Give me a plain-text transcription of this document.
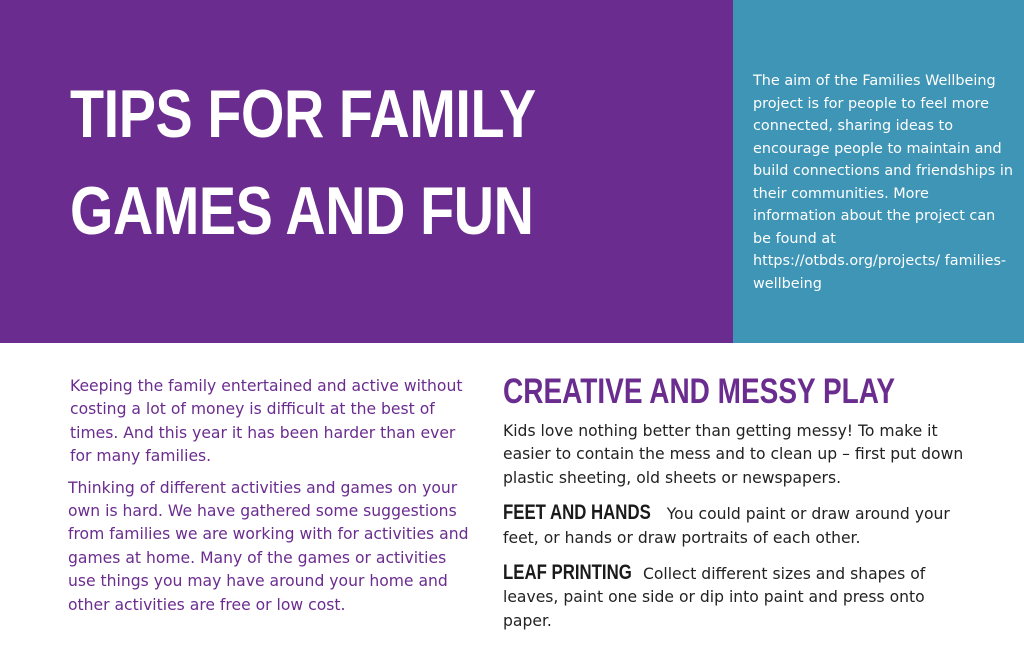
TIPS FOR FAMILY
GAMES AND FUN

The aim of the Families Wellbeing project is for people to feel more connected, sharing ideas to encourage people to maintain and build connections and friendships in their communities. More information about the project can be found at https://otbds.org/projects/ families-wellbeing

Keeping the family entertained and active without costing a lot of money is difficult at the best of times. And this year it has been harder than ever for many families.

Thinking of different activities and games on your own is hard. We have gathered some suggestions from families we are working with for activities and games at home. Many of the games or activities use things you may have around your home and other activities are free or low cost.

CREATIVE AND MESSY PLAY

Kids love nothing better than getting messy! To make it easier to contain the mess and to clean up – first put down plastic sheeting, old sheets or newspapers.

FEET AND HANDS You could paint or draw around your feet, or hands or draw portraits of each other.

LEAF PRINTING Collect different sizes and shapes of leaves, paint one side or dip into paint and press onto paper.
